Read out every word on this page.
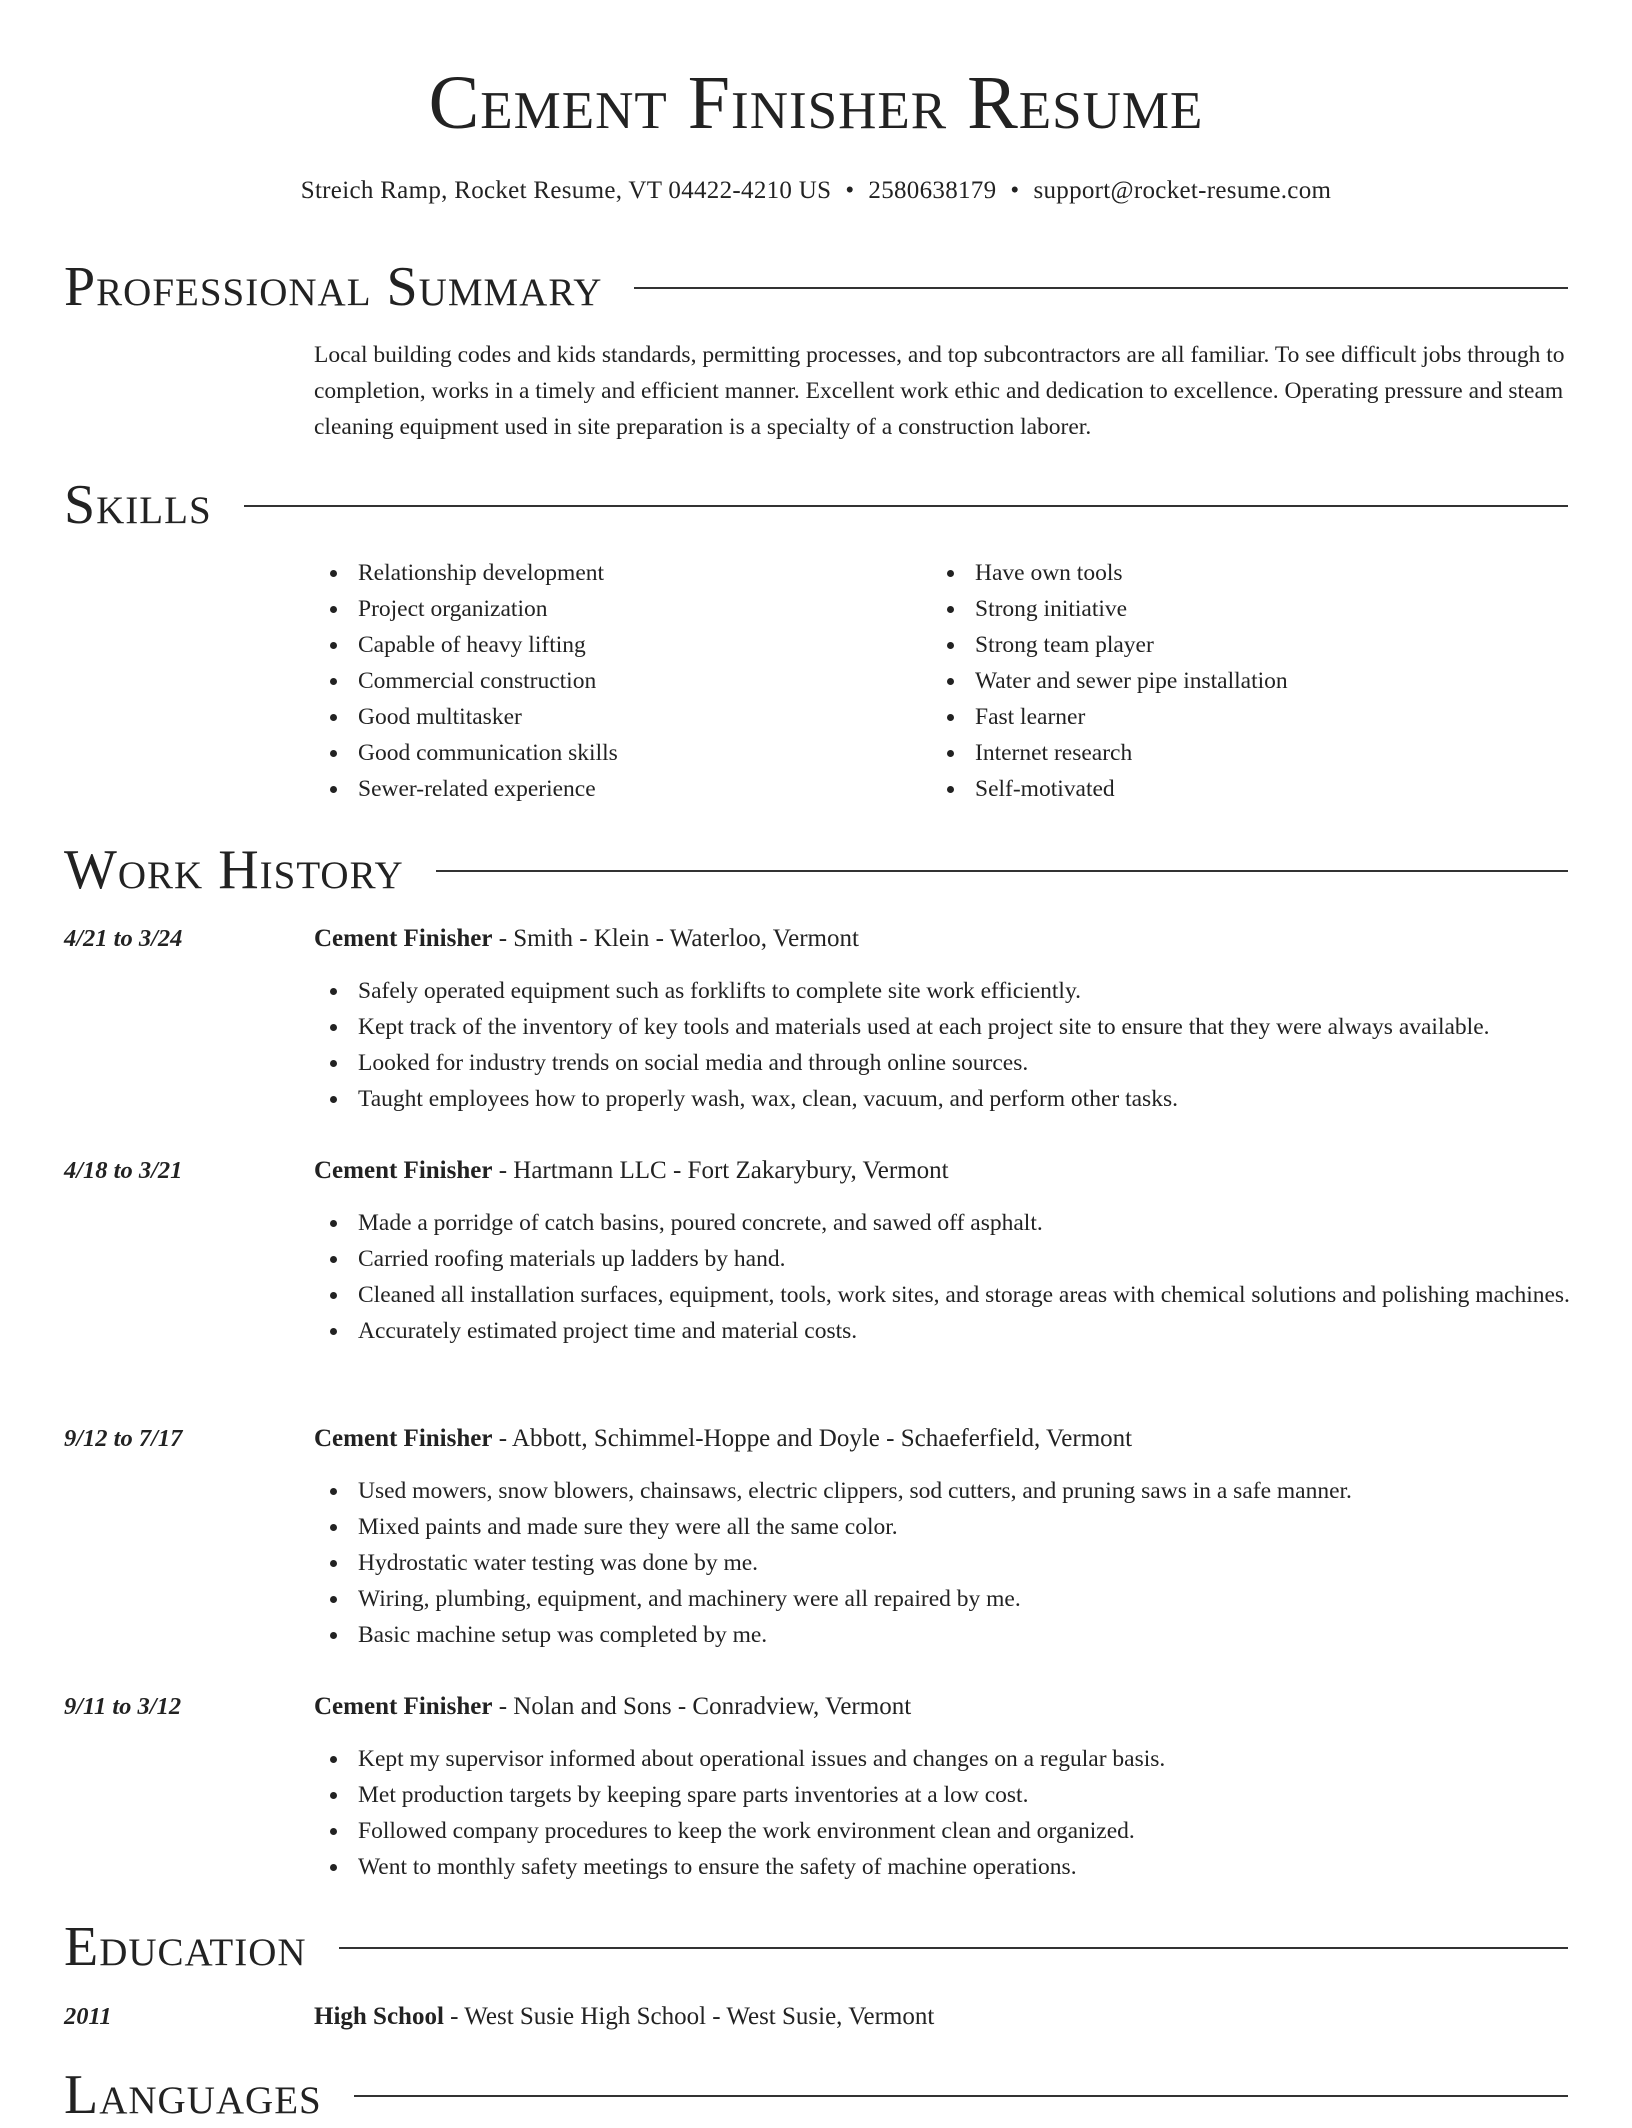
Cement Finisher Resume
Streich Ramp, Rocket Resume, VT 04422-4210 US • 2580638179 • support@rocket-resume.com
Professional Summary

Local building codes and kids standards, permitting processes, and top subcontractors are all familiar. To see difficult jobs through to completion, works in a timely and efficient manner. Excellent work ethic and dedication to excellence. Operating pressure and steam cleaning equipment used in site preparation is a specialty of a construction laborer.

Skills
Relationship development
Project organization
Capable of heavy lifting
Commercial construction
Good multitasker
Good communication skills
Sewer-related experience
Have own tools
Strong initiative
Strong team player
Water and sewer pipe installation
Fast learner
Internet research
Self-motivated
Work History
4/21 to 3/24	Cement Finisher - Smith - Klein - Waterloo, Vermont
Safely operated equipment such as forklifts to complete site work efficiently.
Kept track of the inventory of key tools and materials used at each project site to ensure that they were always available.
Looked for industry trends on social media and through online sources.
Taught employees how to properly wash, wax, clean, vacuum, and perform other tasks.
4/18 to 3/21	Cement Finisher - Hartmann LLC - Fort Zakarybury, Vermont
Made a porridge of catch basins, poured concrete, and sawed off asphalt.
Carried roofing materials up ladders by hand.
Cleaned all installation surfaces, equipment, tools, work sites, and storage areas with chemical solutions and polishing machines.
Accurately estimated project time and material costs.
9/12 to 7/17	Cement Finisher - Abbott, Schimmel-Hoppe and Doyle - Schaeferfield, Vermont
Used mowers, snow blowers, chainsaws, electric clippers, sod cutters, and pruning saws in a safe manner.
Mixed paints and made sure they were all the same color.
Hydrostatic water testing was done by me.
Wiring, plumbing, equipment, and machinery were all repaired by me.
Basic machine setup was completed by me.
9/11 to 3/12	Cement Finisher - Nolan and Sons - Conradview, Vermont
Kept my supervisor informed about operational issues and changes on a regular basis.
Met production targets by keeping spare parts inventories at a low cost.
Followed company procedures to keep the work environment clean and organized.
Went to monthly safety meetings to ensure the safety of machine operations.
Education
2011	High School - West Susie High School - West Susie, Vermont
Languages
